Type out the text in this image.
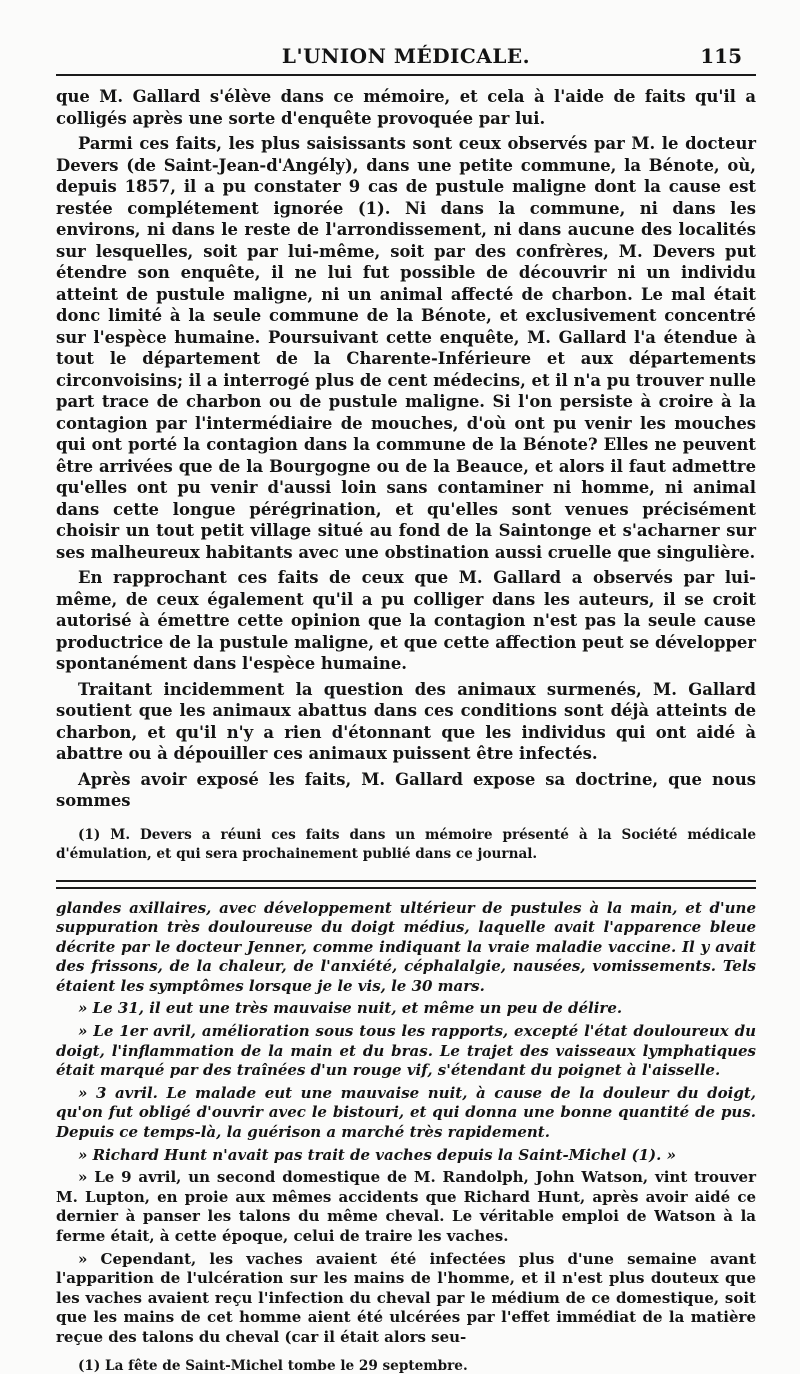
L'UNION MÉDICALE.	115

que M. Gallard s'élève dans ce mémoire, et cela à l'aide de faits qu'il a colligés après une sorte d'enquête provoquée par lui.

Parmi ces faits, les plus saisissants sont ceux observés par M. le docteur Devers (de Saint-Jean-d'Angély), dans une petite commune, la Bénote, où, depuis 1857, il a pu constater 9 cas de pustule maligne dont la cause est restée complétement ignorée (1). Ni dans la commune, ni dans les environs, ni dans le reste de l'arrondissement, ni dans aucune des localités sur lesquelles, soit par lui-même, soit par des confrères, M. Devers put étendre son enquête, il ne lui fut possible de découvrir ni un individu atteint de pustule maligne, ni un animal affecté de charbon. Le mal était donc limité à la seule commune de la Bénote, et exclusivement concentré sur l'espèce humaine. Poursuivant cette enquête, M. Gallard l'a étendue à tout le département de la Charente-Inférieure et aux départements circonvoisins; il a interrogé plus de cent médecins, et il n'a pu trouver nulle part trace de charbon ou de pustule maligne. Si l'on persiste à croire à la contagion par l'intermédiaire de mouches, d'où ont pu venir les mouches qui ont porté la contagion dans la commune de la Bénote? Elles ne peuvent être arrivées que de la Bourgogne ou de la Beauce, et alors il faut admettre qu'elles ont pu venir d'aussi loin sans contaminer ni homme, ni animal dans cette longue pérégrination, et qu'elles sont venues précisément choisir un tout petit village situé au fond de la Saintonge et s'acharner sur ses malheureux habitants avec une obstination aussi cruelle que singulière.

En rapprochant ces faits de ceux que M. Gallard a observés par lui-même, de ceux également qu'il a pu colliger dans les auteurs, il se croit autorisé à émettre cette opinion que la contagion n'est pas la seule cause productrice de la pustule maligne, et que cette affection peut se développer spontanément dans l'espèce humaine.

Traitant incidemment la question des animaux surmenés, M. Gallard soutient que les animaux abattus dans ces conditions sont déjà atteints de charbon, et qu'il n'y a rien d'étonnant que les individus qui ont aidé à abattre ou à dépouiller ces animaux puissent être infectés.

Après avoir exposé les faits, M. Gallard expose sa doctrine, que nous sommes

(1) M. Devers a réuni ces faits dans un mémoire présenté à la Société médicale d'émulation, et qui sera prochainement publié dans ce journal.

glandes axillaires, avec développement ultérieur de pustules à la main, et d'une suppuration très douloureuse du doigt médius, laquelle avait l'apparence bleue décrite par le docteur Jenner, comme indiquant la vraie maladie vaccine. Il y avait des frissons, de la chaleur, de l'anxiété, céphalalgie, nausées, vomissements. Tels étaient les symptômes lorsque je le vis, le 30 mars.

» Le 31, il eut une très mauvaise nuit, et même un peu de délire.

» Le 1er avril, amélioration sous tous les rapports, excepté l'état douloureux du doigt, l'inflammation de la main et du bras. Le trajet des vaisseaux lymphatiques était marqué par des traînées d'un rouge vif, s'étendant du poignet à l'aisselle.

» 3 avril. Le malade eut une mauvaise nuit, à cause de la douleur du doigt, qu'on fut obligé d'ouvrir avec le bistouri, et qui donna une bonne quantité de pus. Depuis ce temps-là, la guérison a marché très rapidement.

» Richard Hunt n'avait pas trait de vaches depuis la Saint-Michel (1). »

» Le 9 avril, un second domestique de M. Randolph, John Watson, vint trouver M. Lupton, en proie aux mêmes accidents que Richard Hunt, après avoir aidé ce dernier à panser les talons du même cheval. Le véritable emploi de Watson à la ferme était, à cette époque, celui de traire les vaches.

» Cependant, les vaches avaient été infectées plus d'une semaine avant l'apparition de l'ulcération sur les mains de l'homme, et il n'est plus douteux que les vaches avaient reçu l'infection du cheval par le médium de ce domestique, soit que les mains de cet homme aient été ulcérées par l'effet immédiat de la matière reçue des talons du cheval (car il était alors seu-

(1) La fête de Saint-Michel tombe le 29 septembre.
